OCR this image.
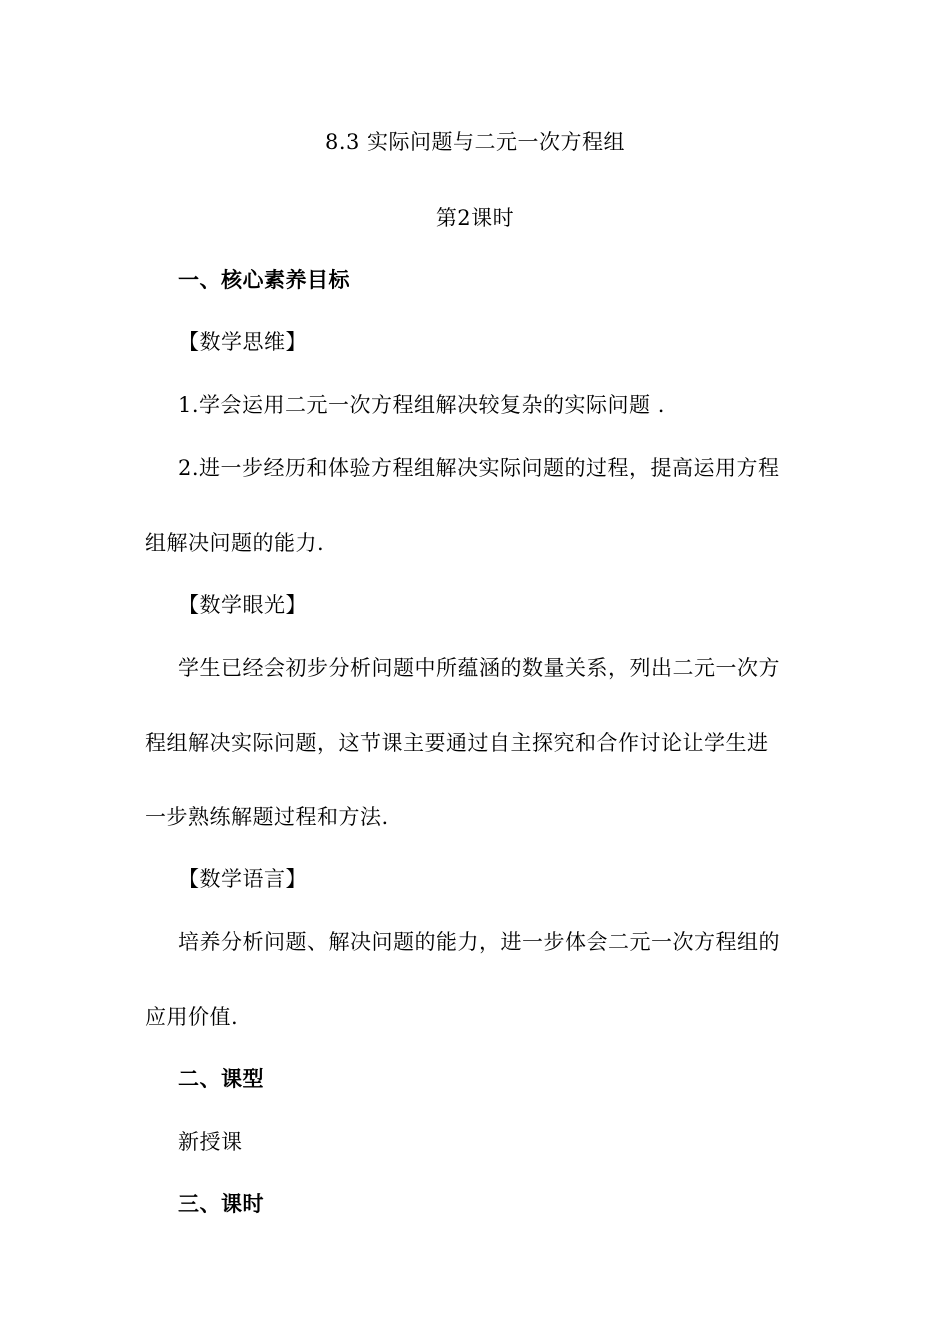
8.3 实际问题与二元一次方程组
第2课时
一、核心素养目标
【数学思维】
1.学会运用二元一次方程组解决较复杂的实际问题 .
2.进一步经历和体验方程组解决实际问题的过程，提高运用方程
组解决问题的能力.
【数学眼光】
学生已经会初步分析问题中所蕴涵的数量关系，列出二元一次方
程组解决实际问题，这节课主要通过自主探究和合作讨论让学生进
一步熟练解题过程和方法.
【数学语言】
培养分析问题、解决问题的能力，进一步体会二元一次方程组的
应用价值.
二、课型
新授课
三、课时
